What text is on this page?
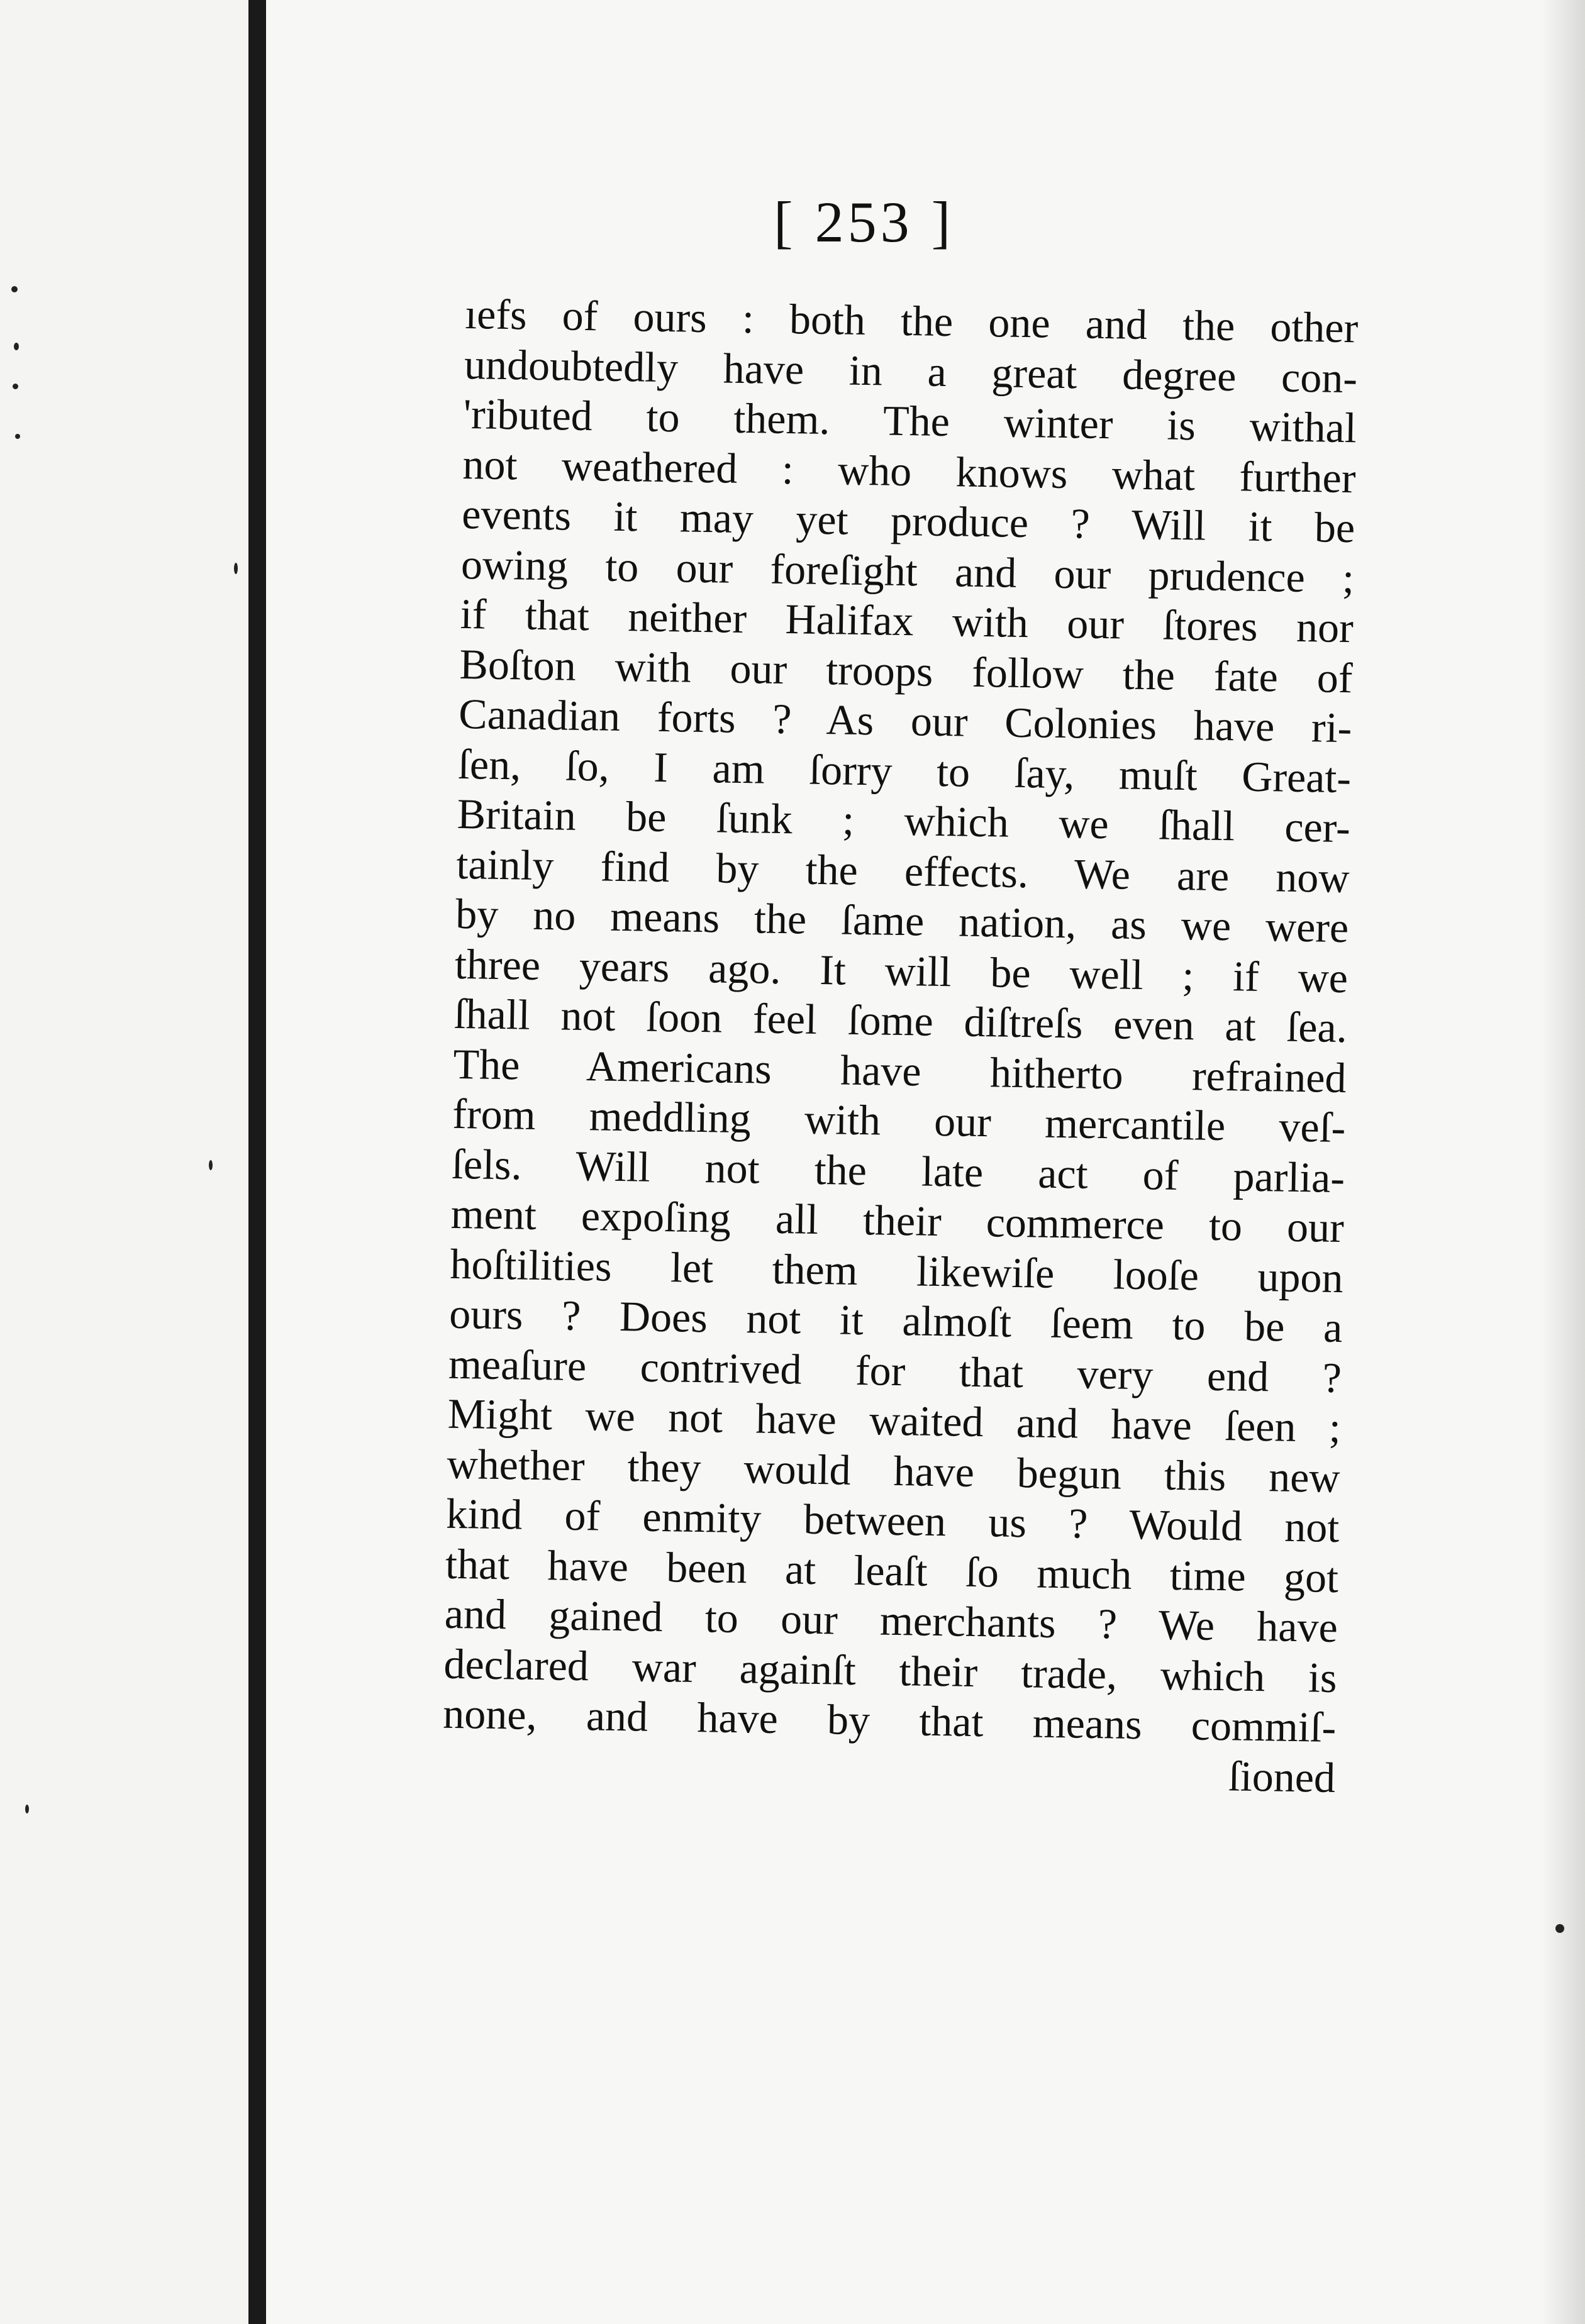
[ 253 ]
ıefs of ours : both the one and the other
undoubtedly have in a great degree con-
'ributed to them. The winter is withal
not weathered : who knows what further
events it may yet produce ? Will it be
owing to our foreſight and our prudence ;
if that neither Halifax with our ſtores nor
Boſton with our troops follow the fate of
Canadian forts ? As our Colonies have ri-
ſen, ſo, I am ſorry to ſay, muſt Great-
Britain be ſunk ; which we ſhall cer-
tainly find by the effects. We are now
by no means the ſame nation, as we were
three years ago. It will be well ; if we
ſhall not ſoon feel ſome diſtreſs even at ſea.
The Americans have hitherto refrained
from meddling with our mercantile veſ-
ſels. Will not the late act of parlia-
ment expoſing all their commerce to our
hoſtilities let them likewiſe looſe upon
ours ? Does not it almoſt ſeem to be a
meaſure contrived for that very end ?
Might we not have waited and have ſeen ;
whether they would have begun this new
kind of enmity between us ? Would not
that have been at leaſt ſo much time got
and gained to our merchants ? We have
declared war againſt their trade, which is
none, and have by that means commiſ-
ſioned
